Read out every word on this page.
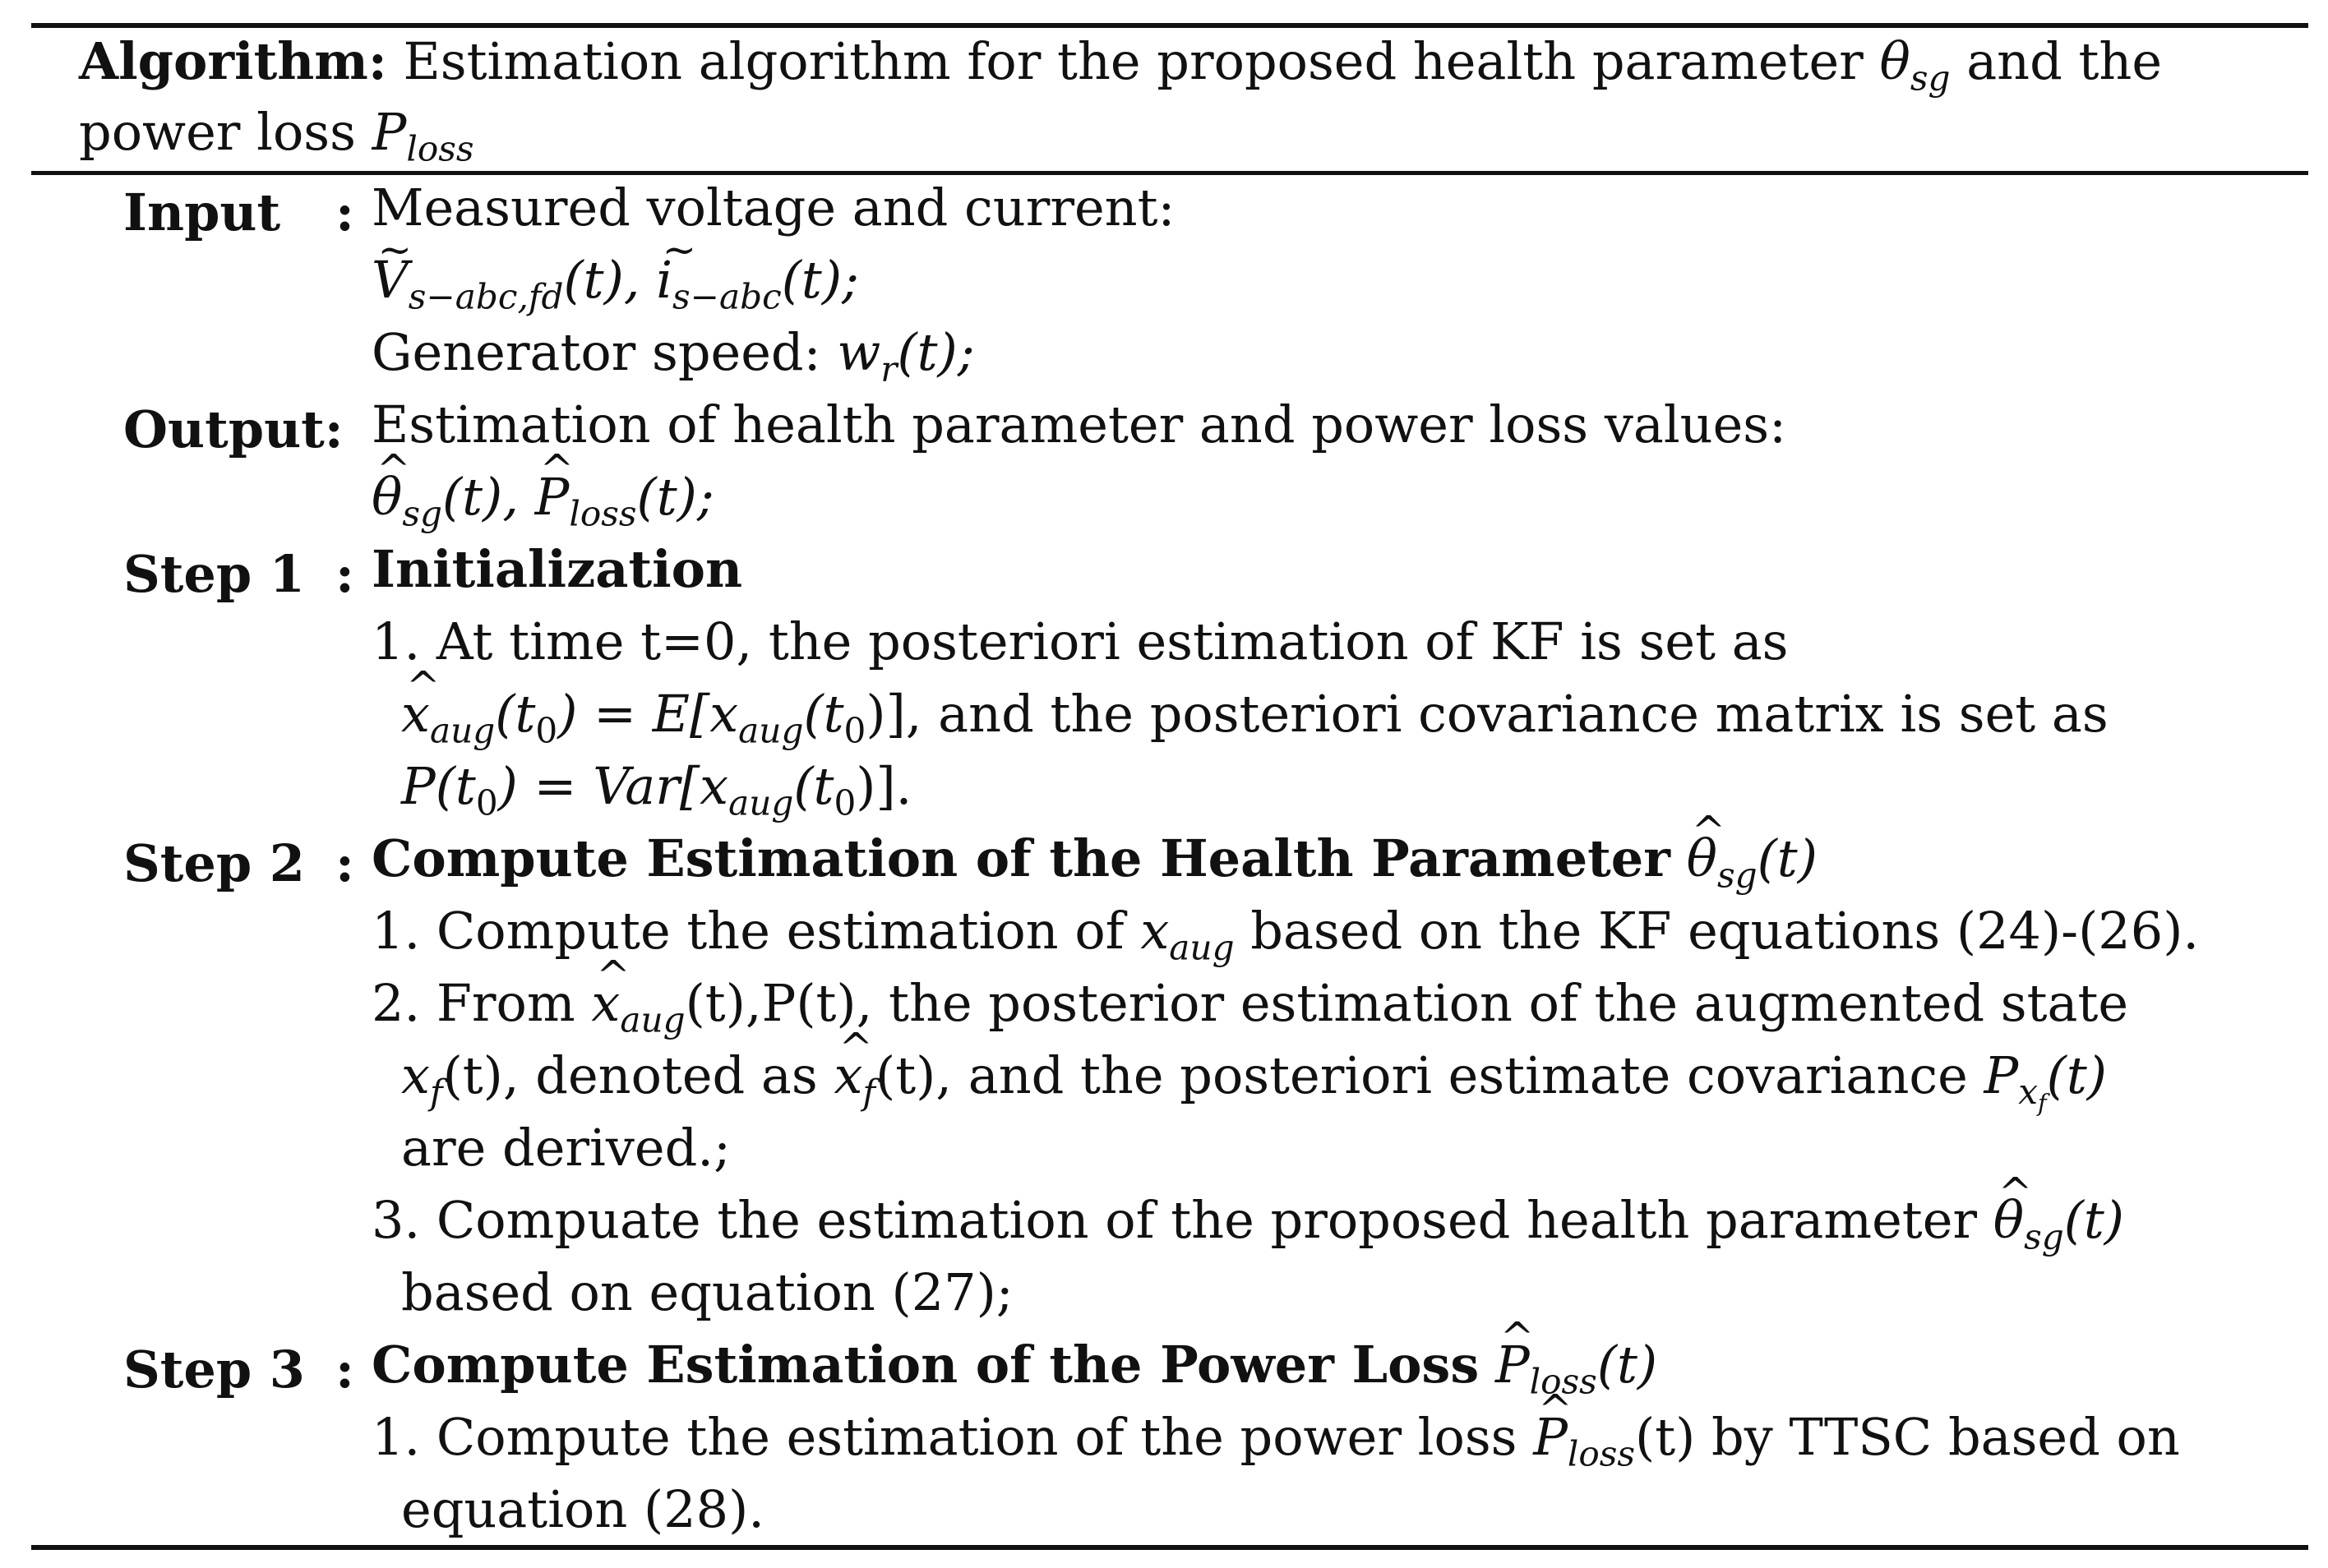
Algorithm: Estimation algorithm for the proposed health parameter $\theta_{sg}$ and the
power loss $P_{loss}$
Input : Measured voltage and current:
~ $V_{s-abc,fd}(t)$, ~ $i_{s-abc}(t)$;
Generator speed: $w_r(t)$;
Output: Estimation of health parameter and power loss values:
^ $\theta_{sg}(t)$, ^ $P_{loss}(t)$;
Step 1 : Initialization
1. At time t=0, the posteriori estimation of KF is set as
^ $x_{aug}(t_0) = E[x_{aug}(t_0)]$, and the posteriori covariance matrix is set as
$P(t_0) = Var[x_{aug}(t_0)]$.
Step 2 : Compute Estimation of the Health Parameter ^ $\theta_{sg}(t)$
1. Compute the estimation of $x_{aug}$ based on the KF equations (24)-(26).
2. From ^ $x_{aug}(t),P(t)$, the posterior estimation of the augmented state
$x_f(t)$, denoted as ^ $x_f(t)$, and the posteriori estimate covariance $P_{x_f}(t)$
are derived.;
3. Compuate the estimation of the proposed health parameter ^ $\theta_{sg}(t)$
based on equation (27);
Step 3 : Compute Estimation of the Power Loss ^ $P_{loss}(t)$
1. Compute the estimation of the power loss ^ $P_{loss}(t)$ by TTSC based on
equation (28).
